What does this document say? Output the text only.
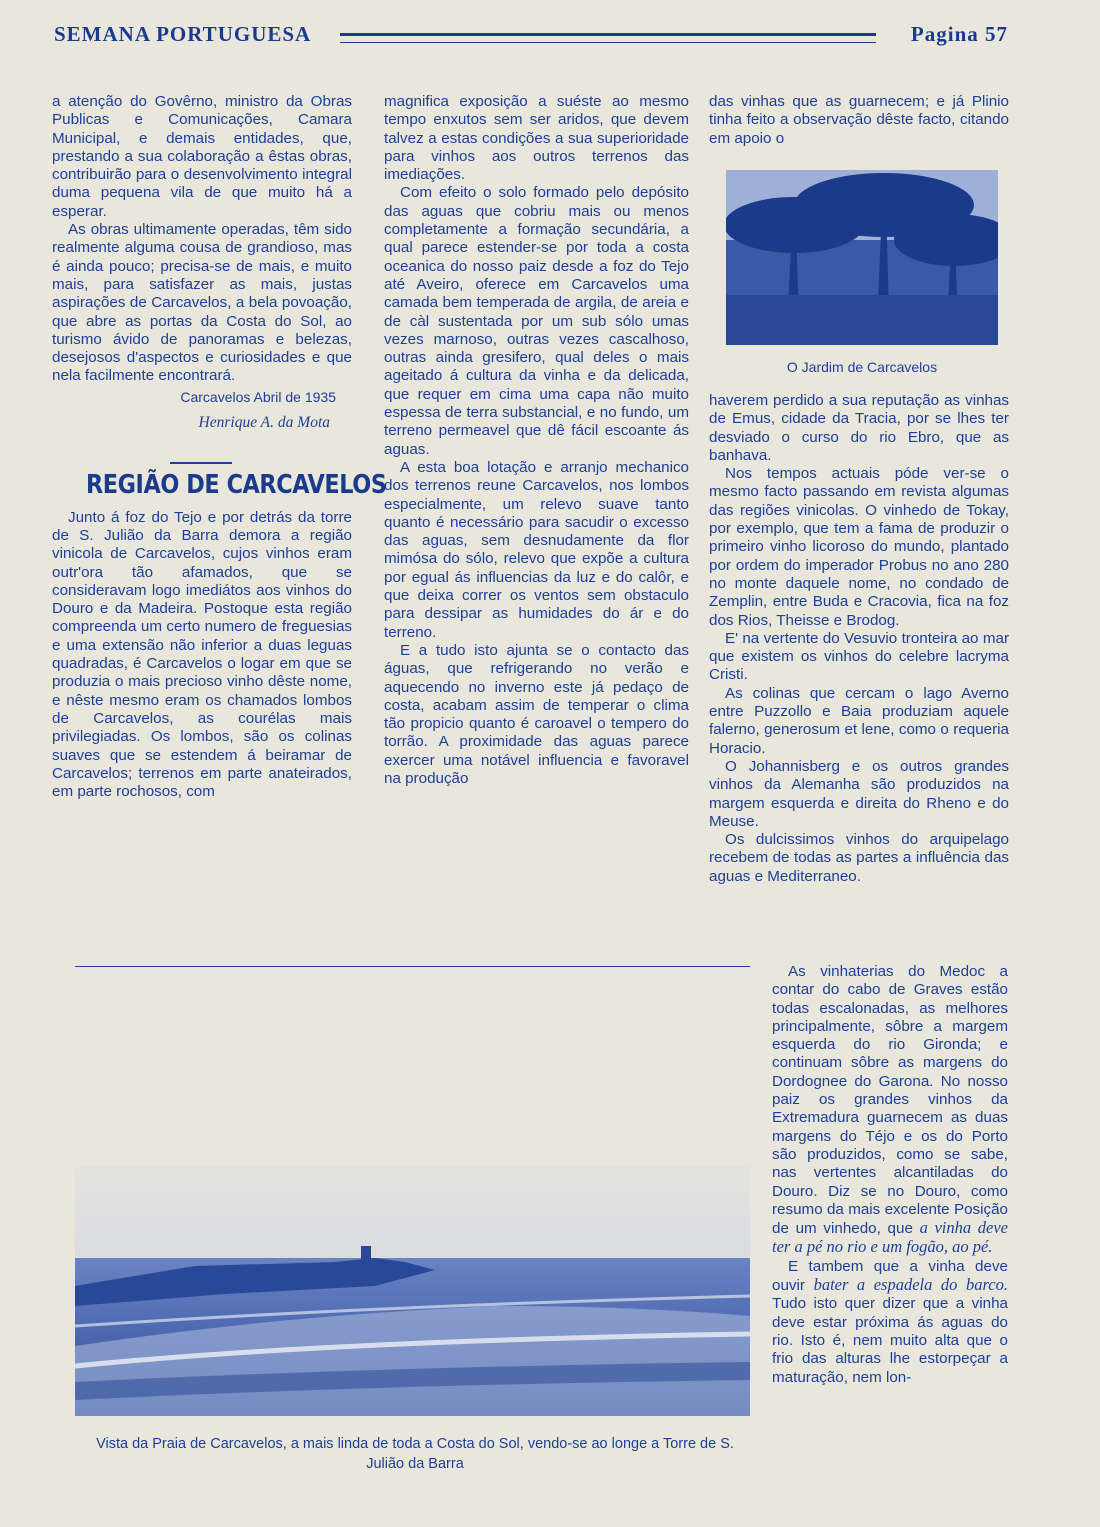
SEMANA PORTUGUESA	Pagina 57

a atenção do Govêrno, ministro da Obras Publicas e Comunicações, Camara Municipal, e demais entidades, que, prestando a sua colaboração a êstas obras, contribuirão para o desenvolvimento integral duma pequena vila de que muito há a esperar.

As obras ultimamente operadas, têm sido realmente alguma cousa de grandioso, mas é ainda pouco; precisa-se de mais, e muito mais, para satisfazer as mais, justas aspirações de Carcavelos, a bela povoação, que abre as portas da Costa do Sol, ao turismo ávido de panoramas e belezas, desejosos d'aspectos e curiosidades e que nela facilmente encontrará.

Carcavelos Abril de 1935
Henrique A. da Mota
REGIÃO DE CARCAVELOS

Junto á foz do Tejo e por detrás da torre de S. Julião da Barra demora a região vinicola de Carcavelos, cujos vinhos eram outr'ora tão afamados, que se consideravam logo imediátos aos vinhos do Douro e da Madeira. Postoque esta região compreenda um certo numero de freguesias e uma extensão não inferior a duas leguas quadradas, é Carcavelos o logar em que se produzia o mais precioso vinho dêste nome, e nêste mesmo eram os chamados lombos de Carcavelos, as courélas mais privilegiadas. Os lombos, são os colinas suaves que se estendem á beiramar de Carcavelos; terrenos em parte anateirados, em parte rochosos, com

magnifica exposição a suéste ao mesmo tempo enxutos sem ser aridos, que devem talvez a estas condições a sua superioridade para vinhos aos outros terrenos das imediações.

Com efeito o solo formado pelo depósito das aguas que cobriu mais ou menos completamente a formação secundária, a qual parece estender-se por toda a costa oceanica do nosso paiz desde a foz do Tejo até Aveiro, oferece em Carcavelos uma camada bem temperada de argila, de areia e de càl sustentada por um sub sólo umas vezes marnoso, outras vezes cascalhoso, outras ainda gresifero, qual deles o mais ageitado á cultura da vinha e da delicada, que requer em cima uma capa não muito espessa de terra substancial, e no fundo, um terreno permeavel que dê fácil escoante ás aguas.

A esta boa lotação e arranjo mechanico dos terrenos reune Carcavelos, nos lombos especialmente, um relevo suave tanto quanto é necessário para sacudir o excesso das aguas, sem desnudamente da flor mimósa do sólo, relevo que expõe a cultura por egual ás influencias da luz e do calôr, e que deixa correr os ventos sem obstaculo para dessipar as humidades do ár e do terreno.

E a tudo isto ajunta se o contacto das águas, que refrigerando no verão e aquecendo no inverno este já pedaço de costa, acabam assim de temperar o clima tão propicio quanto é caroavel o tempero do torrão. A proximidade das aguas parece exercer uma notável influencia e favoravel na produção

das vinhas que as guarnecem; e já Plinio tinha feito a observação dêste facto, citando em apoio o

O Jardim de Carcavelos

haverem perdido a sua reputação as vinhas de Emus, cidade da Tracia, por se lhes ter desviado o curso do rio Ebro, que as banhava.

Nos tempos actuais póde ver-se o mesmo facto passando em revista algumas das regiões vinicolas. O vinhedo de Tokay, por exemplo, que tem a fama de produzir o primeiro vinho licoroso do mundo, plantado por ordem do imperador Probus no ano 280 no monte daquele nome, no condado de Zemplin, entre Buda e Cracovia, fica na foz dos Rios, Theisse e Brodog.

E' na vertente do Vesuvio tronteira ao mar que existem os vinhos do celebre lacryma Cristi.

As colinas que cercam o lago Averno entre Puzzollo e Baia produziam aquele falerno, generosum et lene, como o requeria Horacio.

O Johannisberg e os outros grandes vinhos da Alemanha são produzidos na margem esquerda e direita do Rheno e do Meuse.

Os dulcissimos vinhos do arquipelago recebem de todas as partes a influência das aguas e Mediterraneo.

As vinhaterias do Medoc a contar do cabo de Graves estão todas escalonadas, as melhores principalmente, sôbre a margem esquerda do rio Gironda; e continuam sôbre as margens do Dordognee do Garona. No nosso paiz os grandes vinhos da Extremadura guarnecem as duas margens do Téjo e os do Porto são produzidos, como se sabe, nas vertentes alcantiladas do Douro. Diz se no Douro, como resumo da mais excelente Posição de um vinhedo, que a vinha deve ter a pé no rio e um fogão, ao pé.

E tambem que a vinha deve ouvir bater a espadela do barco. Tudo isto quer dizer que a vinha deve estar próxima ás aguas do rio. Isto é, nem muito alta que o frio das alturas lhe estorpeçar a maturação, nem lon-

Vista da Praia de Carcavelos, a mais linda de toda a Costa do Sol, vendo-se ao longe a Torre de S. Julião da Barra
